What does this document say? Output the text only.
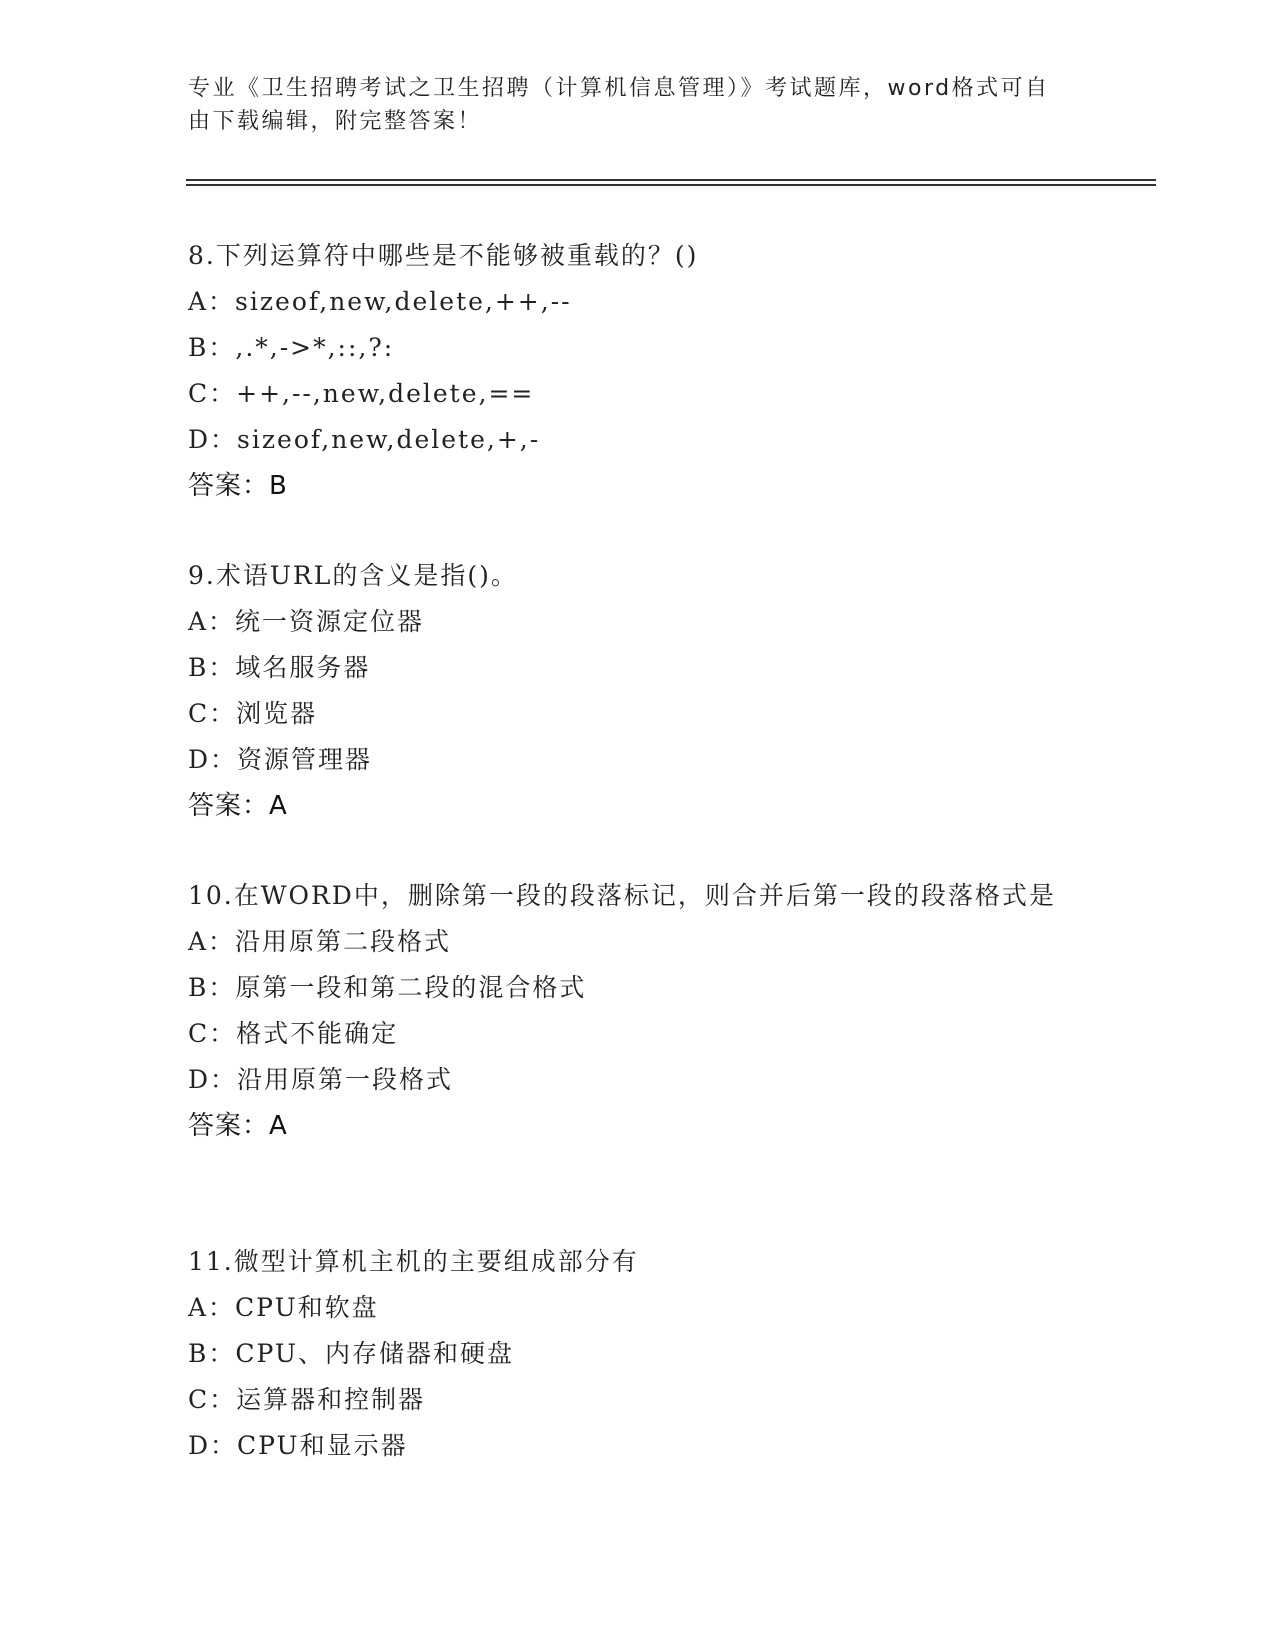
专业《卫生招聘考试之卫生招聘（计算机信息管理）》考试题库，word格式可自由下载编辑，附完整答案！
8.下列运算符中哪些是不能够被重载的？()
A：sizeof,new,delete,++,--
B：,.*,->*,::,?:
C：++,--,new,delete,==
D：sizeof,new,delete,+,-
答案：B
9.术语URL的含义是指()。
A：统一资源定位器
B：域名服务器
C：浏览器
D：资源管理器
答案：A
10.在WORD中，删除第一段的段落标记，则合并后第一段的段落格式是
A：沿用原第二段格式
B：原第一段和第二段的混合格式
C：格式不能确定
D：沿用原第一段格式
答案：A
11.微型计算机主机的主要组成部分有
A：CPU和软盘
B：CPU、内存储器和硬盘
C：运算器和控制器
D：CPU和显示器
